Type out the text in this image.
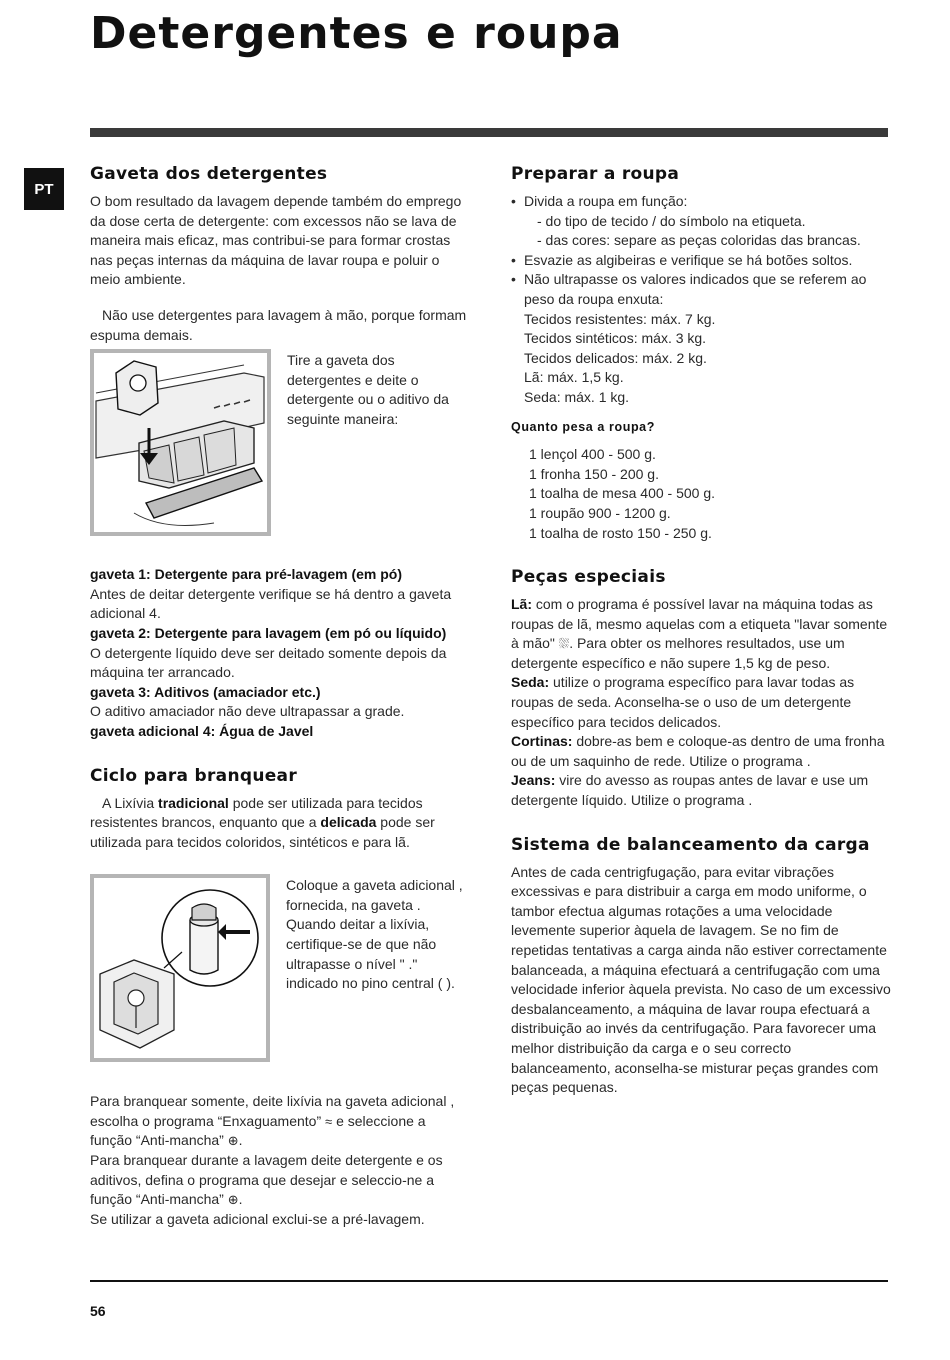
Detergentes e roupa
PT
Gaveta dos detergentes

O bom resultado da lavagem depende também do emprego da dose certa de detergente: com excessos não se lava de maneira mais eficaz, mas contribui-se para formar crostas nas peças internas da máquina de lavar roupa e poluir o meio ambiente.

Não use detergentes para lavagem à mão, porque formam espuma demais.

Tire a gaveta dos detergentes e deite o detergente ou o aditivo da seguinte maneira:

gaveta 1: Detergente para pré-lavagem (em pó)

Antes de deitar detergente verifique se há dentro a gaveta adicional 4.

gaveta 2: Detergente para lavagem (em pó ou líquido)

O detergente líquido deve ser deitado somente depois da máquina ter arrancado.

gaveta 3: Aditivos (amaciador etc.)

O aditivo amaciador não deve ultrapassar a grade.

gaveta adicional 4: Água de Javel

Ciclo para branquear

A Lixívia tradicional pode ser utilizada para tecidos resistentes brancos, enquanto que a delicada pode ser utilizada para tecidos coloridos, sintéticos e para lã.

Coloque a gaveta adicional , fornecida, na gaveta .

Quando deitar a lixívia, certifique-se de que não ultrapasse o nível " ." indicado no pino central ( ).

Para branquear somente, deite lixívia na gaveta adicional , escolha o programa “Enxaguamento” ≈ e seleccione a função “Anti-mancha” ⊕.

Para branquear durante a lavagem deite detergente e os aditivos, defina o programa que desejar e seleccio-ne a função “Anti-mancha” ⊕.

Se utilizar a gaveta adicional exclui-se a pré-lavagem.

Preparar a roupa
• Divida a roupa em função:
- do tipo de tecido / do símbolo na etiqueta.
- das cores: separe as peças coloridas das brancas.
• Esvazie as algibeiras e verifique se há botões soltos.
• Não ultrapasse os valores indicados que se referem ao peso da roupa enxuta:
Tecidos resistentes: máx. 7 kg.
Tecidos sintéticos: máx. 3 kg.
Tecidos delicados: máx. 2 kg.
Lã: máx. 1,5 kg.
Seda: máx. 1 kg.
Quanto pesa a roupa?
1 lençol 400 - 500 g.
1 fronha 150 - 200 g.
1 toalha de mesa 400 - 500 g.
1 roupão 900 - 1200 g.
1 toalha de rosto 150 - 250 g.
Peças especiais

Lã: com o programa é possível lavar na máquina todas as roupas de lã, mesmo aquelas com a etiqueta "lavar somente à mão" ⛆. Para obter os melhores resultados, use um detergente específico e não supere 1,5 kg de peso.

Seda: utilize o programa específico para lavar todas as roupas de seda. Aconselha-se o uso de um detergente específico para tecidos delicados.

Cortinas: dobre-as bem e coloque-as dentro de uma fronha ou de um saquinho de rede. Utilize o programa .

Jeans: vire do avesso as roupas antes de lavar e use um detergente líquido. Utilize o programa .

Sistema de balanceamento da carga

Antes de cada centrigfugação, para evitar vibrações excessivas e para distribuir a carga em modo uniforme, o tambor efectua algumas rotações a uma velocidade levemente superior àquela de lavagem. Se no fim de repetidas tentativas a carga ainda não estiver correctamente balanceada, a máquina efectuará a centrifugação com uma velocidade inferior àquela prevista. No caso de um excessivo desbalanceamento, a máquina de lavar roupa efectuará a distribuição ao invés da centrifugação. Para favorecer uma melhor distribuição da carga e o seu correcto balanceamento, aconselha-se misturar peças grandes com peças pequenas.

56
